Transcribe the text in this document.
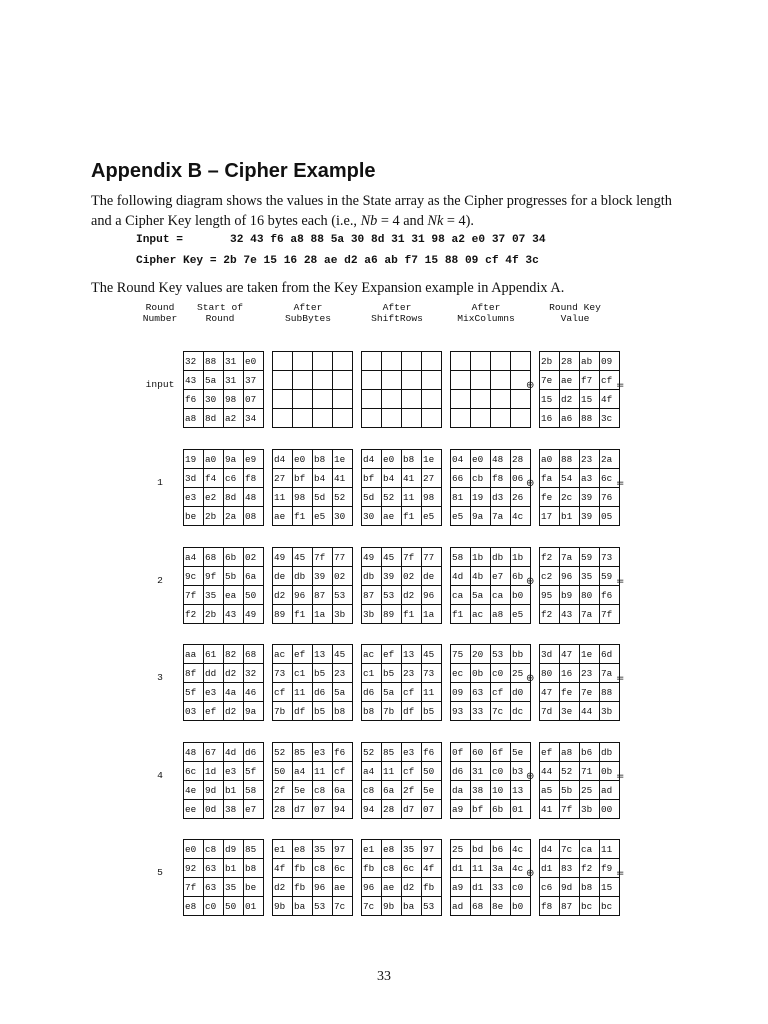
Appendix B – Cipher Example
The following diagram shows the values in the State array as the Cipher progresses for a block length and a Cipher Key length of 16 bytes each (i.e., Nb = 4 and Nk = 4).
Input =       32 43 f6 a8 88 5a 30 8d 31 31 98 a2 e0 37 07 34
Cipher Key = 2b 7e 15 16 28 ae d2 a6 ab f7 15 88 09 cf 4f 3c
The Round Key values are taken from the Key Expansion example in Appendix A.
Round
Number
Start of
Round
After
SubBytes
After
ShiftRows
After
MixColumns
Round Key
Value
input
32	88	31	e0
43	5a	31	37
f6	30	98	07
a8	8d	a2	34

2b	28	ab	09
7e	ae	f7	cf
15	d2	15	4f
16	a6	88	3c
⊕	=
1
19	a0	9a	e9
3d	f4	c6	f8
e3	e2	8d	48
be	2b	2a	08
d4	e0	b8	1e
27	bf	b4	41
11	98	5d	52
ae	f1	e5	30
d4	e0	b8	1e
bf	b4	41	27
5d	52	11	98
30	ae	f1	e5
04	e0	48	28
66	cb	f8	06
81	19	d3	26
e5	9a	7a	4c
a0	88	23	2a
fa	54	a3	6c
fe	2c	39	76
17	b1	39	05
⊕	=
2
a4	68	6b	02
9c	9f	5b	6a
7f	35	ea	50
f2	2b	43	49
49	45	7f	77
de	db	39	02
d2	96	87	53
89	f1	1a	3b
49	45	7f	77
db	39	02	de
87	53	d2	96
3b	89	f1	1a
58	1b	db	1b
4d	4b	e7	6b
ca	5a	ca	b0
f1	ac	a8	e5
f2	7a	59	73
c2	96	35	59
95	b9	80	f6
f2	43	7a	7f
⊕	=
3
aa	61	82	68
8f	dd	d2	32
5f	e3	4a	46
03	ef	d2	9a
ac	ef	13	45
73	c1	b5	23
cf	11	d6	5a
7b	df	b5	b8
ac	ef	13	45
c1	b5	23	73
d6	5a	cf	11
b8	7b	df	b5
75	20	53	bb
ec	0b	c0	25
09	63	cf	d0
93	33	7c	dc
3d	47	1e	6d
80	16	23	7a
47	fe	7e	88
7d	3e	44	3b
⊕	=
4
48	67	4d	d6
6c	1d	e3	5f
4e	9d	b1	58
ee	0d	38	e7
52	85	e3	f6
50	a4	11	cf
2f	5e	c8	6a
28	d7	07	94
52	85	e3	f6
a4	11	cf	50
c8	6a	2f	5e
94	28	d7	07
0f	60	6f	5e
d6	31	c0	b3
da	38	10	13
a9	bf	6b	01
ef	a8	b6	db
44	52	71	0b
a5	5b	25	ad
41	7f	3b	00
⊕	=
5
e0	c8	d9	85
92	63	b1	b8
7f	63	35	be
e8	c0	50	01
e1	e8	35	97
4f	fb	c8	6c
d2	fb	96	ae
9b	ba	53	7c
e1	e8	35	97
fb	c8	6c	4f
96	ae	d2	fb
7c	9b	ba	53
25	bd	b6	4c
d1	11	3a	4c
a9	d1	33	c0
ad	68	8e	b0
d4	7c	ca	11
d1	83	f2	f9
c6	9d	b8	15
f8	87	bc	bc
⊕	=
33
